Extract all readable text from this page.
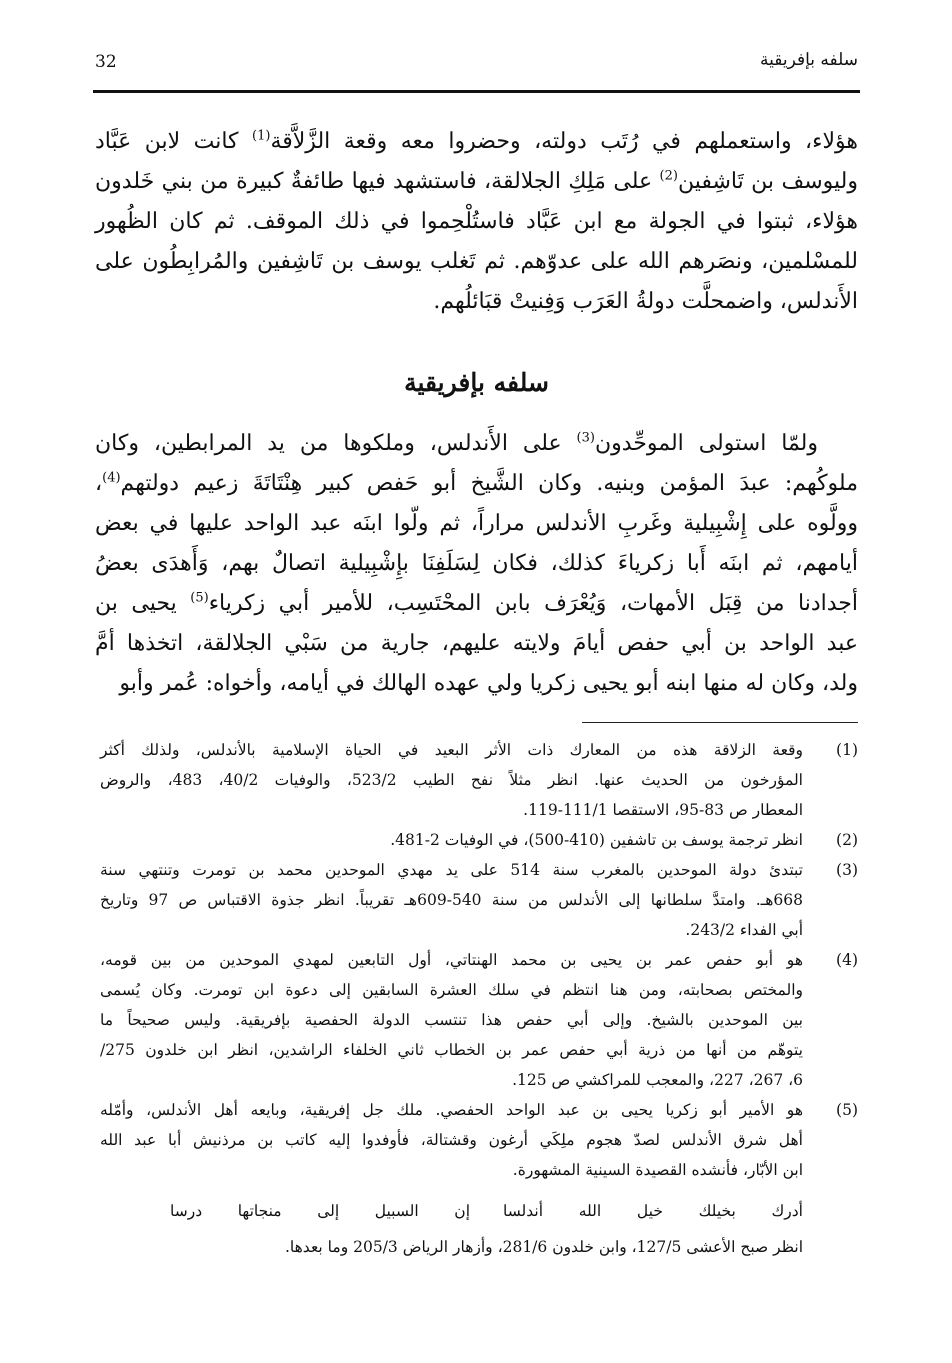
32	سلفه بإفريقية
هؤلاء، واستعملهم في رُتَب دولته، وحضروا معه وقعة الزَّلاَّقة$^{(1)}$ كانت لابن عَبَّاد
وليوسف بن تَاشِفين$^{(2)}$ على مَلِكِ الجلالقة، فاستشهد فيها طائفةٌ كبيرة من بني خَلدون
هؤلاء، ثبتوا في الجولة مع ابن عَبَّاد فاستُلْحِموا في ذلك الموقف. ثم كان الظُهور
للمسْلمين، ونصَرهم الله على عدوّهم. ثم تَغلب يوسف بن تَاشِفين والمُرابِطُون على
الأَندلس، واضمحلَّت دولةُ العَرَب وَفِنيتْ قبَائلُهم.
سلفه بإفريقية
ولمّا استولى الموحِّدون$^{(3)}$ على الأَندلس، وملكوها من يد المرابطين، وكان
ملوكُهم: عبدَ المؤمن وبنيه. وكان الشَّيخ أبو حَفص كبير هِنْتَاتَةَ زعيم دولتهم$^{(4)}$،
وولَّوه على إِشْبِيلية وغَربِ الأندلس مراراً، ثم ولّوا ابنَه عبد الواحد عليها في بعض
أيامهم، ثم ابنَه أَبا زكرياءَ كذلك، فكان لِسَلَفِنَا بإِشْبِيلية اتصالٌ بهم، وَأَهدَى بعضُ
أجدادنا من قِبَل الأمهات، وَيُعْرَف بابن المحْتَسِب، للأمير أبي زكرياء$^{(5)}$ يحيى بن
عبد الواحد بن أبي حفص أيامَ ولايته عليهم، جارية من سَبْي الجلالقة، اتخذها أمَّ
ولد، وكان له منها ابنه أبو يحيى زكريا ولي عهده الهالك في أيامه، وأخواه: عُمر وأبو
(1)
وقعة الزلاقة هذه من المعارك ذات الأثر البعيد في الحياة الإسلامية بالأندلس، ولذلك أكثر
المؤرخون من الحديث عنها. انظر مثلاً نفح الطيب 523/2، والوفيات 40/2، 483، والروض
المعطار ص 83-95، الاستقصا 111/1-119.
(2)
انظر ترجمة يوسف بن تاشفين (410-500)، في الوفيات 2-481.
(3)
تبتدئ دولة الموحدين بالمغرب سنة 514 على يد مهدي الموحدين محمد بن تومرت وتنتهي سنة
668هـ. وامتدَّ سلطانها إلى الأندلس من سنة 540-609هـ تقريباً. انظر جذوة الاقتباس ص 97 وتاريخ
أبي الفداء 243/2.
(4)
هو أبو حفص عمر بن يحيى بن محمد الهنتاتي، أول التابعين لمهدي الموحدين من بين قومه،
والمختص بصحابته، ومن هنا انتظم في سلك العشرة السابقين إلى دعوة ابن تومرت. وكان يُسمى
بين الموحدين بالشيخ. وإلى أبي حفص هذا تنتسب الدولة الحفصية بإفريقية. وليس صحيحاً ما
يتوهّم من أنها من ذرية أبي حفص عمر بن الخطاب ثاني الخلفاء الراشدين، انظر ابن خلدون 275/
6، 267، 227، والمعجب للمراكشي ص 125.
(5)
هو الأمير أبو زكريا يحيى بن عبد الواحد الحفصي. ملك جل إفريقية، وبايعه أهل الأندلس، وأمّله
أهل شرق الأندلس لصدّ هجوم ملِكَي أرغون وقشتالة، فأوفدوا إليه كاتب بن مرذنيش أبا عبد الله
ابن الأبّار، فأنشده القصيدة السينية المشهورة.
أدرك بخيلك خيل الله أندلسا
إن السبيل إلى منجاتها درسا
انظر صبح الأعشى 127/5، وابن خلدون 281/6، وأزهار الرياض 205/3 وما بعدها.
